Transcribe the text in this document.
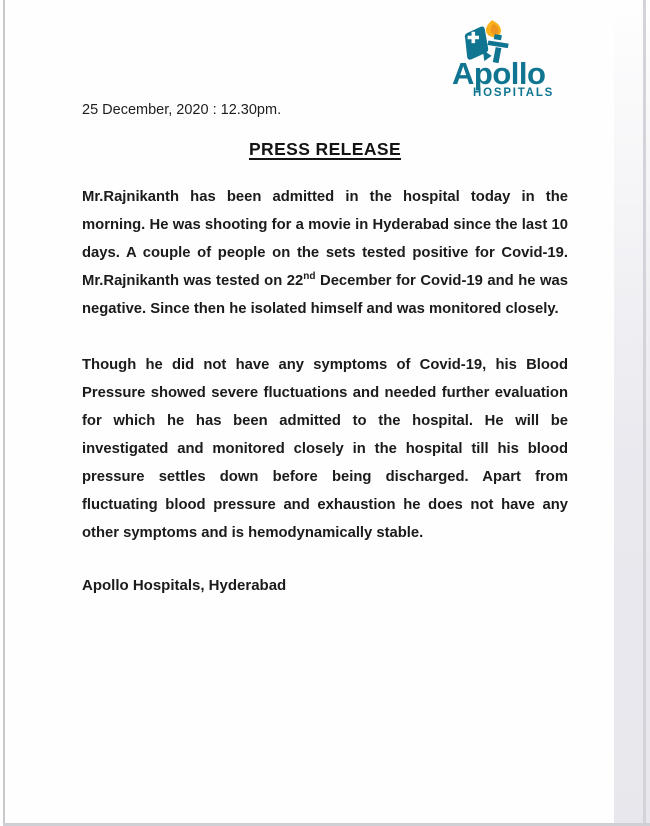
Apollo
HOSPITALS

25 December, 2020 : 12.30pm.

PRESS RELEASE

Mr.Rajnikanth has been admitted in the hospital today in the morning. He was shooting for a movie in Hyderabad since the last 10 days. A couple of people on the sets tested positive for Covid-19. Mr.Rajnikanth was tested on 22nd December for Covid-19 and he was negative. Since then he isolated himself and was monitored closely.

Though he did not have any symptoms of Covid-19, his Blood Pressure showed severe fluctuations and needed further evaluation for which he has been admitted to the hospital. He will be investigated and monitored closely in the hospital till his blood pressure settles down before being discharged. Apart from fluctuating blood pressure and exhaustion he does not have any other symptoms and is hemodynamically stable.

Apollo Hospitals, Hyderabad
